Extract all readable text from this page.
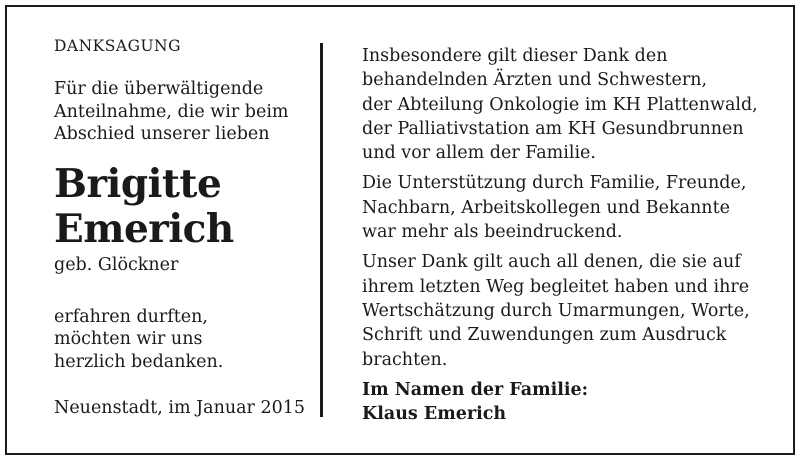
DANKSAGUNG
Für die überwältigende
Anteilnahme, die wir beim
Abschied unserer lieben
Brigitte
Emerich
geb. Glöckner
erfahren durften,
möchten wir uns
herzlich bedanken.
Neuenstadt, im Januar 2015

Insbesondere gilt dieser Dank den
behandelnden Ärzten und Schwestern,
der Abteilung Onkologie im KH Plattenwald,
der Palliativstation am KH Gesundbrunnen
und vor allem der Familie.

Die Unterstützung durch Familie, Freunde,
Nachbarn, Arbeitskollegen und Bekannte
war mehr als beeindruckend.

Unser Dank gilt auch all denen, die sie auf
ihrem letzten Weg begleitet haben und ihre
Wertschätzung durch Umarmungen, Worte,
Schrift und Zuwendungen zum Ausdruck
brachten.

Im Namen der Familie:
Klaus Emerich
